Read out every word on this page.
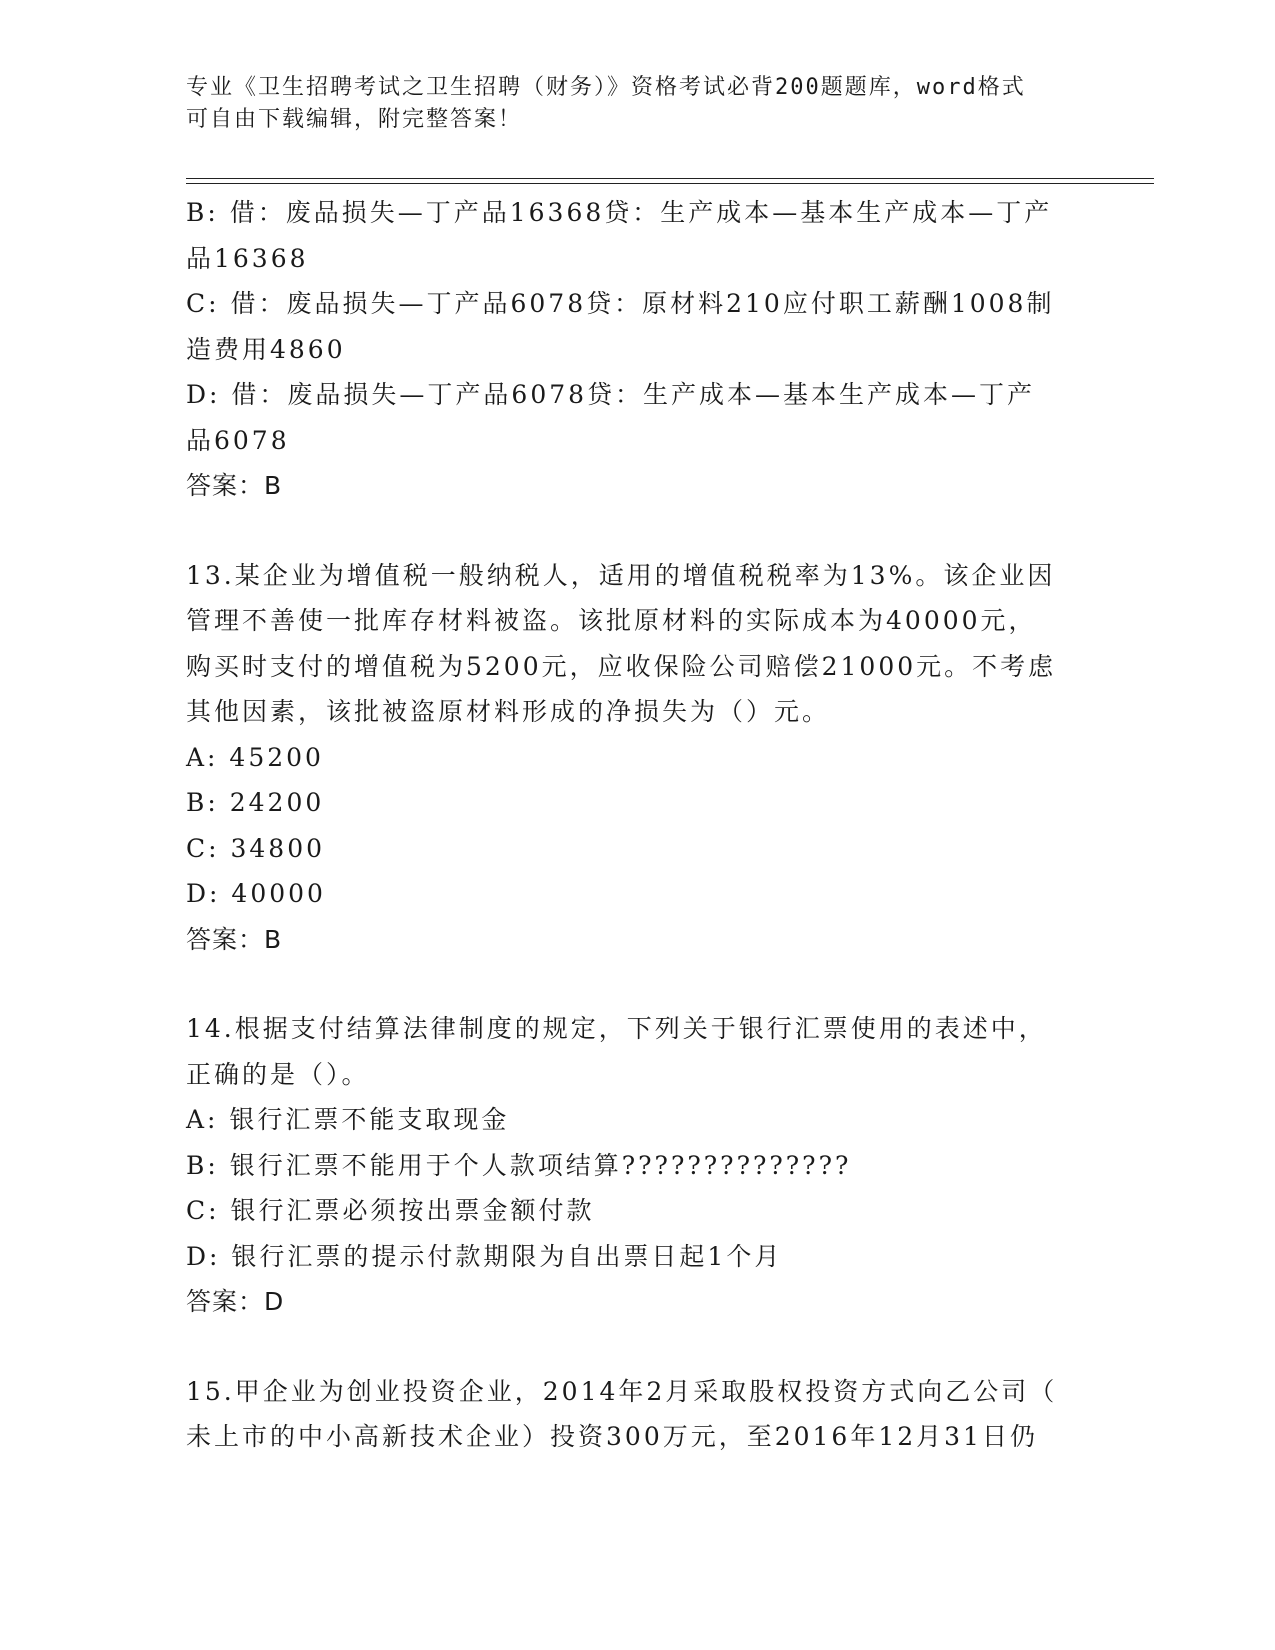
专业《卫生招聘考试之卫生招聘（财务）》资格考试必背200题题库，word格式
可自由下载编辑，附完整答案！
B: 借：废品损失—丁产品16368贷：生产成本—基本生产成本—丁产
品16368
C: 借：废品损失—丁产品6078贷：原材料210应付职工薪酬1008制
造费用4860
D: 借：废品损失—丁产品6078贷：生产成本—基本生产成本—丁产
品6078
答案：B
13.某企业为增值税一般纳税人，适用的增值税税率为13%。该企业因
管理不善使一批库存材料被盗。该批原材料的实际成本为40000元，
购买时支付的增值税为5200元，应收保险公司赔偿21000元。不考虑
其他因素，该批被盗原材料形成的净损失为（）元。
A: 45200
B: 24200
C: 34800
D: 40000
答案：B
14.根据支付结算法律制度的规定，下列关于银行汇票使用的表述中，
正确的是（）。
A: 银行汇票不能支取现金
B: 银行汇票不能用于个人款项结算??????????????
C: 银行汇票必须按出票金额付款
D: 银行汇票的提示付款期限为自出票日起1个月
答案：D
15.甲企业为创业投资企业，2014年2月采取股权投资方式向乙公司（
未上市的中小高新技术企业）投资300万元，至2016年12月31日仍
